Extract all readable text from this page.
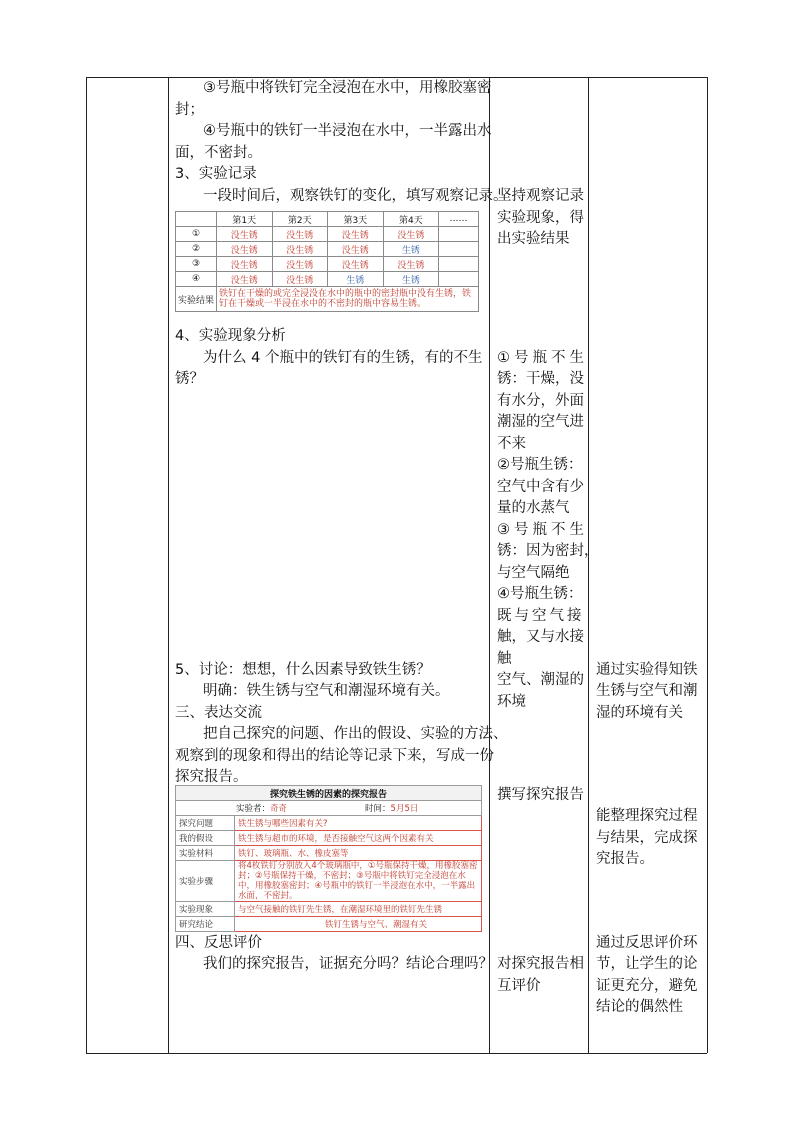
③号瓶中将铁钉完全浸泡在水中，用橡胶塞密
封；
④号瓶中的铁钉一半浸泡在水中，一半露出水
面，不密封。
3、实验记录
一段时间后，观察铁钉的变化，填写观察记录。
	第1天	第2天	第3天	第4天	……
①	没生锈	没生锈	没生锈	没生锈	
②	没生锈	没生锈	没生锈	生锈	
③	没生锈	没生锈	没生锈	没生锈	
④	没生锈	没生锈	生锈	生锈	
实验结果	铁钉在干燥的或完全浸没在水中的瓶中的密封瓶中没有生锈，铁钉在干燥或一半浸在水中的不密封的瓶中容易生锈。				
4、实验现象分析
为什么 4 个瓶中的铁钉有的生锈，有的不生
锈？
5、讨论：想想，什么因素导致铁生锈？
明确：铁生锈与空气和潮湿环境有关。
三、表达交流
把自己探究的问题、作出的假设、实验的方法、
观察到的现象和得出的结论等记录下来，写成一份
探究报告。
探究铁生锈的因素的探究报告	
实验者：奇奇 时间：5月5日	
探究问题	铁生锈与哪些因素有关?
我的假设	铁生锈与超市的环境，是否接触空气这两个因素有关
实验材料	铁钉、玻璃瓶、水、橡皮塞等
实验步骤	将4枚铁钉分别放入4个玻璃瓶中，①号瓶保持干燥，用橡胶塞密封；②号瓶保持干燥，不密封；③号瓶中将铁钉完全浸泡在水中，用橡胶塞密封；④号瓶中的铁钉一半浸泡在水中，一半露出水面，不密封。
实验现象	与空气接触的铁钉先生锈，在潮湿环境里的铁钉先生锈
研究结论	铁钉生锈与空气、潮湿有关
四、反思评价
我们的探究报告，证据充分吗？结论合理吗？
坚持观察记录
实验现象，得
出实验结果
①号瓶不生
锈：干燥，没
有水分，外面
潮湿的空气进
不来
②号瓶生锈：
空气中含有少
量的水蒸气
③号瓶不生
锈：因为密封，
与空气隔绝
④号瓶生锈：
既与空气接
触，又与水接
触
空气、潮湿的
环境
撰写探究报告
对探究报告相
互评价
通过实验得知铁
生锈与空气和潮
湿的环境有关
能整理探究过程
与结果，完成探
究报告。
通过反思评价环
节，让学生的论
证更充分，避免
结论的偶然性
